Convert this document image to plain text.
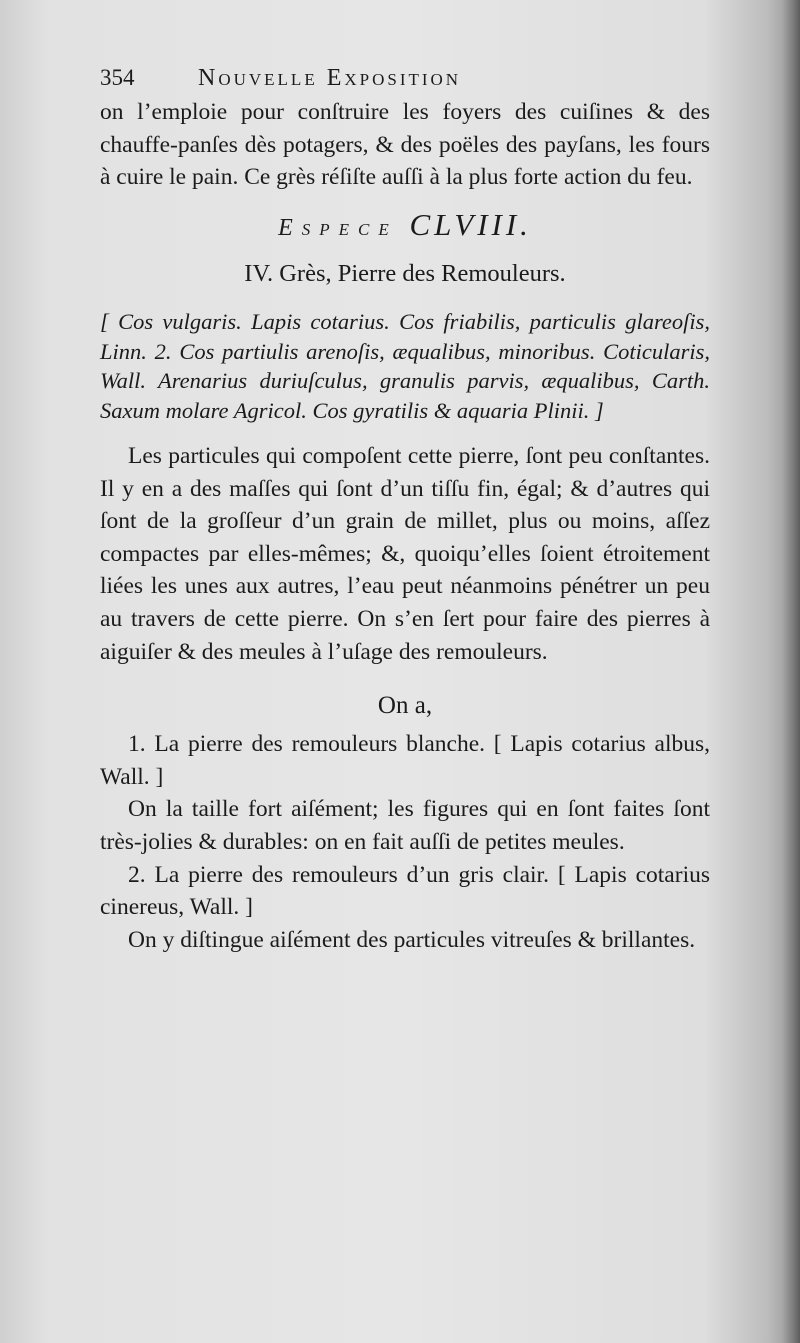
354	Nouvelle Exposition

on l’emploie pour conſtruire les foyers des cuiſines & des chauffe-panſes dès potagers, & des poëles des payſans, les fours à cuire le pain. Ce grès réſiſte auſſi à la plus forte action du feu.

Espece CLVIII.
IV. Grès, Pierre des Remouleurs.

[ Cos vulgaris. Lapis cotarius. Cos friabilis, particulis glareoſis, Linn. 2. Cos partiulis arenoſis, æqualibus, minoribus. Coticularis, Wall. Arenarius duriuſculus, granulis parvis, æqualibus, Carth. Saxum molare Agricol. Cos gyratilis & aquaria Plinii. ]

Les particules qui compoſent cette pierre, ſont peu conſtantes. Il y en a des maſſes qui ſont d’un tiſſu fin, égal; & d’autres qui ſont de la groſſeur d’un grain de millet, plus ou moins, aſſez compactes par elles-mêmes; &, quoiqu’elles ſoient étroitement liées les unes aux autres, l’eau peut néanmoins pénétrer un peu au travers de cette pierre. On s’en ſert pour faire des pierres à aiguiſer & des meules à l’uſage des remouleurs.

On a,

1. La pierre des remouleurs blanche. [ Lapis cotarius albus, Wall. ]

On la taille fort aiſément; les figures qui en ſont faites ſont très-jolies & durables: on en fait auſſi de petites meules.

2. La pierre des remouleurs d’un gris clair. [ Lapis cotarius cinereus, Wall. ]

On y diſtingue aiſément des particules vitreuſes & brillantes.
